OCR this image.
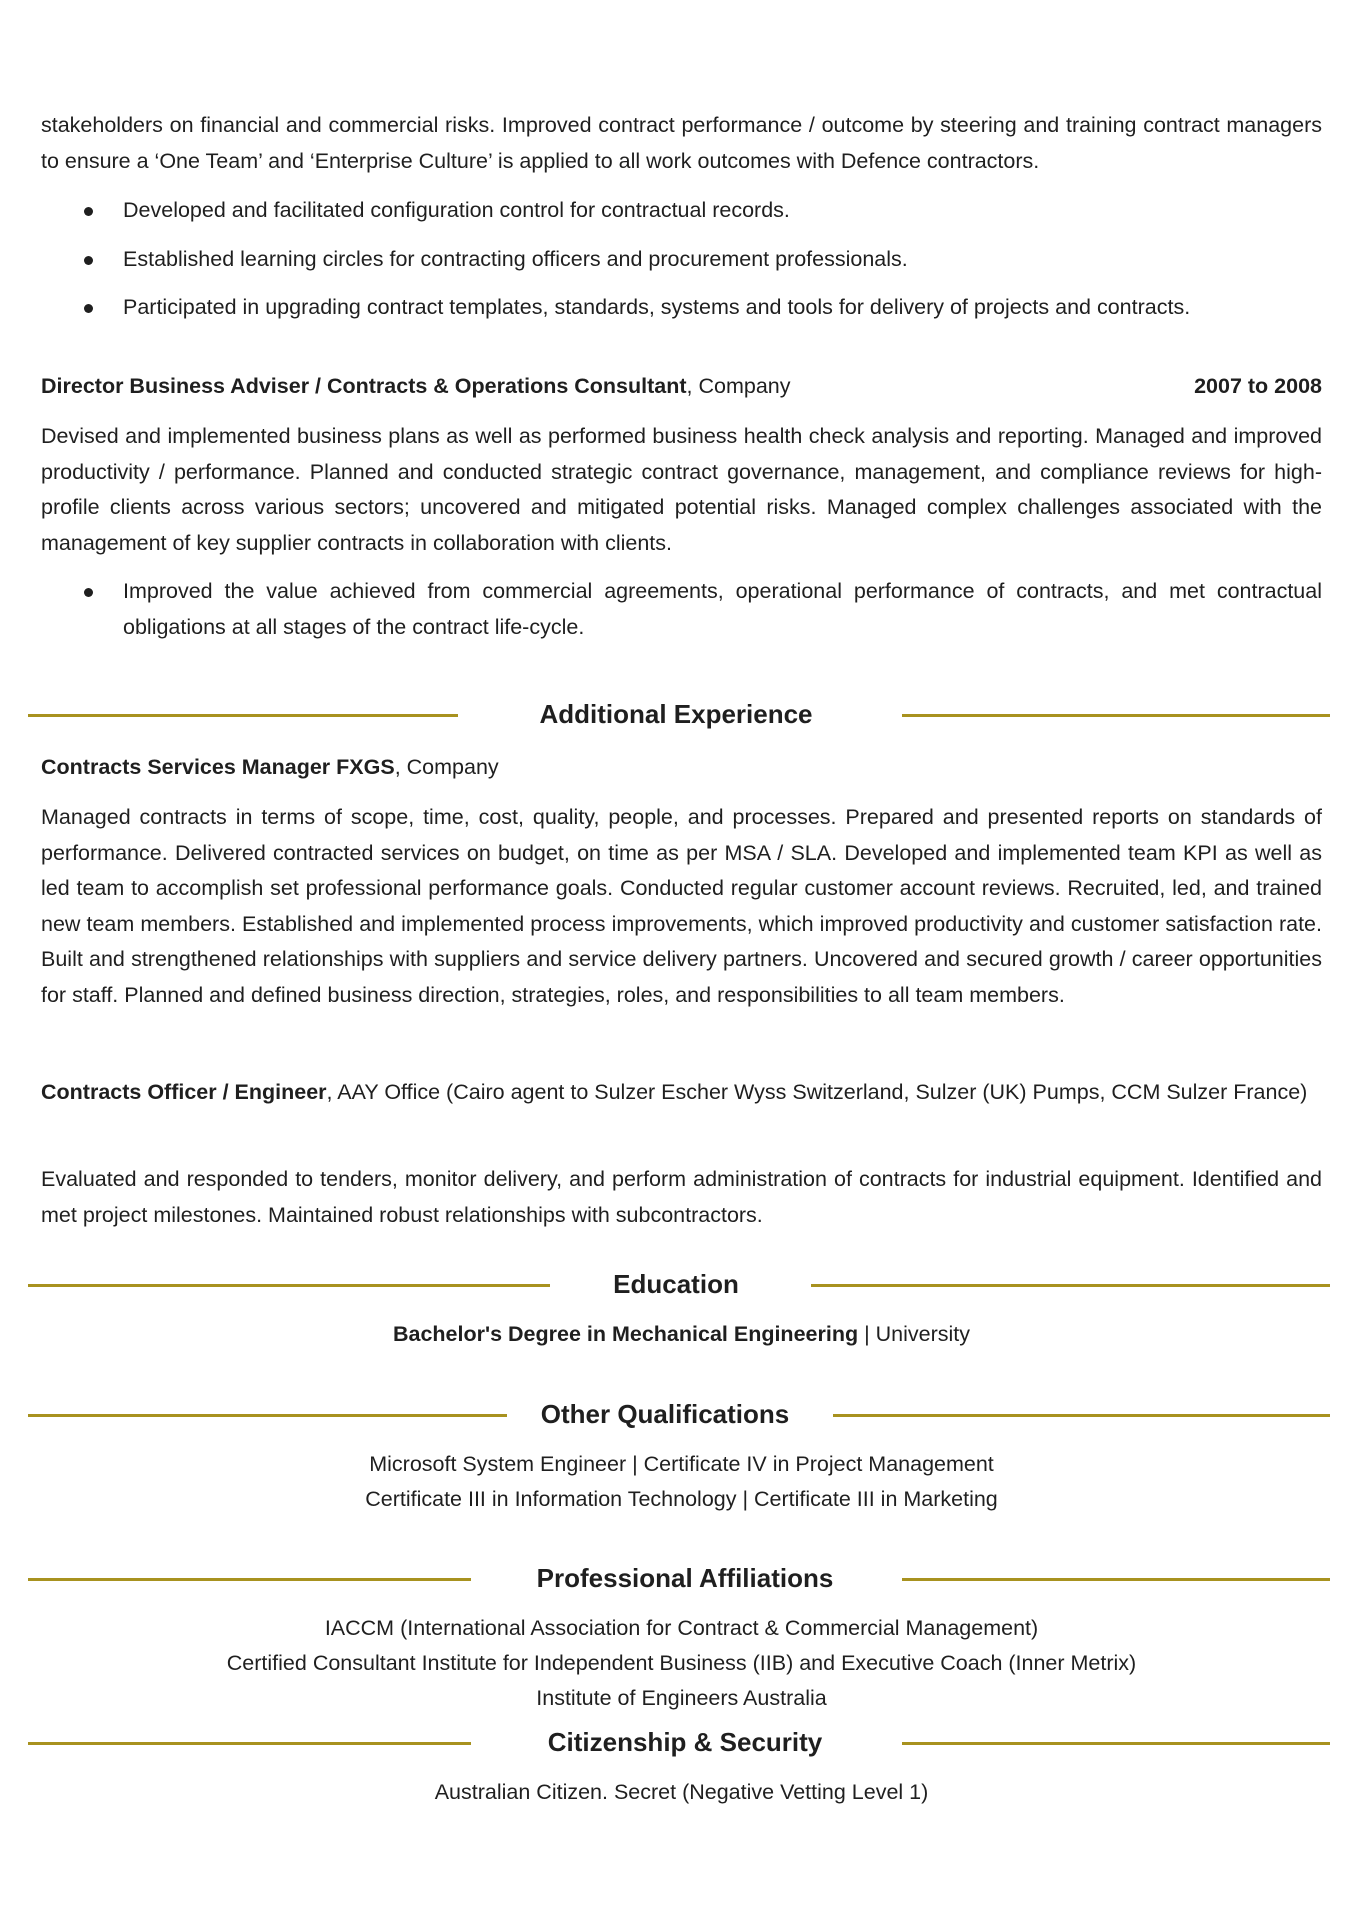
stakeholders on financial and commercial risks. Improved contract performance / outcome by steering and training contract managers to ensure a ‘One Team’ and ‘Enterprise Culture’ is applied to all work outcomes with Defence contractors.

Developed and facilitated configuration control for contractual records.
Established learning circles for contracting officers and procurement professionals.
Participated in upgrading contract templates, standards, systems and tools for delivery of projects and contracts.
Director Business Adviser / Contracts & Operations Consultant, Company	2007 to 2008

Devised and implemented business plans as well as performed business health check analysis and reporting. Managed and improved productivity / performance. Planned and conducted strategic contract governance, management, and compliance reviews for high-profile clients across various sectors; uncovered and mitigated potential risks. Managed complex challenges associated with the management of key supplier contracts in collaboration with clients.

Improved the value achieved from commercial agreements, operational performance of contracts, and met contractual obligations at all stages of the contract life-cycle.
Additional Experience
Contracts Services Manager FXGS, Company

Managed contracts in terms of scope, time, cost, quality, people, and processes. Prepared and presented reports on standards of performance. Delivered contracted services on budget, on time as per MSA / SLA. Developed and implemented team KPI as well as led team to accomplish set professional performance goals. Conducted regular customer account reviews. Recruited, led, and trained new team members. Established and implemented process improvements, which improved productivity and customer satisfaction rate. Built and strengthened relationships with suppliers and service delivery partners. Uncovered and secured growth / career opportunities for staff. Planned and defined business direction, strategies, roles, and responsibilities to all team members.

Contracts Officer / Engineer, AAY Office (Cairo agent to Sulzer Escher Wyss Switzerland, Sulzer (UK) Pumps, CCM Sulzer France)

Evaluated and responded to tenders, monitor delivery, and perform administration of contracts for industrial equipment. Identified and met project milestones. Maintained robust relationships with subcontractors.

Education

Bachelor's Degree in Mechanical Engineering | University

Other Qualifications

Microsoft System Engineer | Certificate IV in Project Management

Certificate III in Information Technology | Certificate III in Marketing

Professional Affiliations

IACCM (International Association for Contract & Commercial Management)

Certified Consultant Institute for Independent Business (IIB) and Executive Coach (Inner Metrix)

Institute of Engineers Australia

Citizenship & Security

Australian Citizen. Secret (Negative Vetting Level 1)
